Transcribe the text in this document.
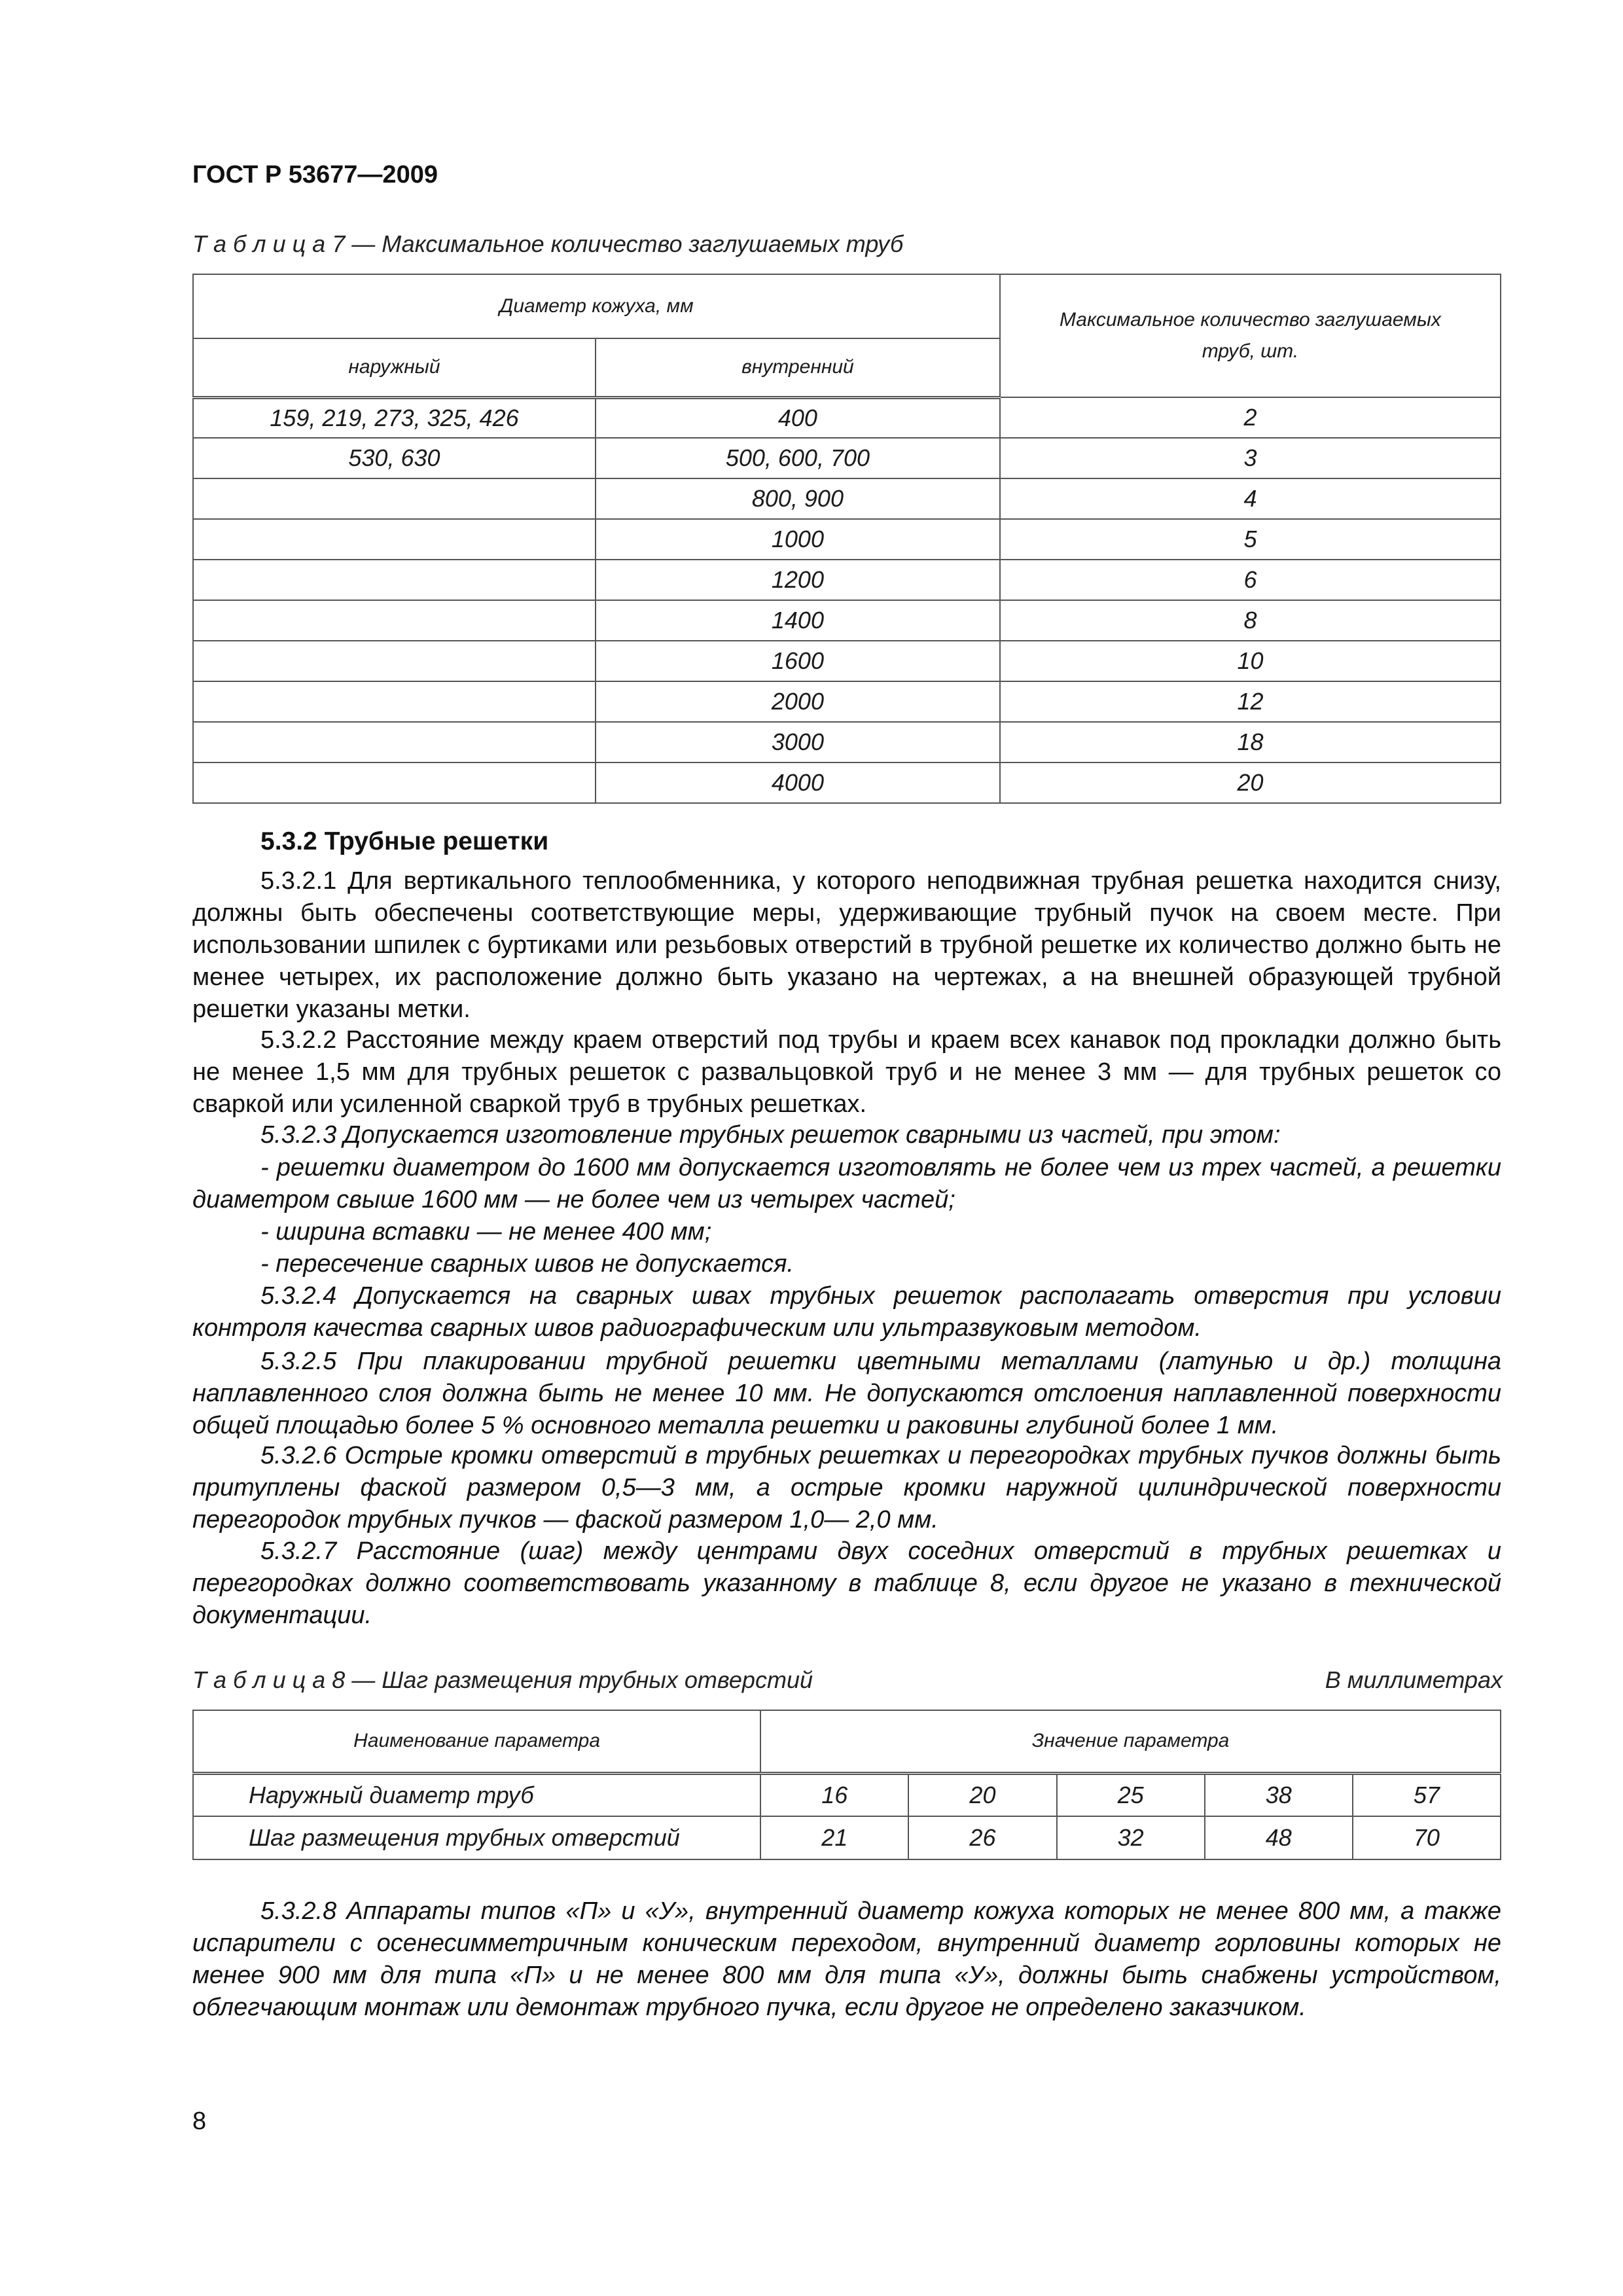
ГОСТ Р 53677—2009
Т а б л и ц а 7 — Максимальное количество заглушаемых труб
Диаметр кожуха, мм		Максимальное количество заглушаемых труб, шт.
наружный	внутренний	
159, 219, 273, 325, 426	400	2
530, 630	500, 600, 700	3
	800, 900	4
	1000	5
	1200	6
	1400	8
	1600	10
	2000	12
	3000	18
	4000	20
5.3.2 Трубные решетки
5.3.2.1 Для вертикального теплообменника, у которого неподвижная трубная решетка находится снизу, должны быть обеспечены соответствующие меры, удерживающие трубный пучок на своем месте. При использовании шпилек с буртиками или резьбовых отверстий в трубной решетке их количество должно быть не менее четырех, их расположение должно быть указано на чертежах, а на внешней образующей трубной решетки указаны метки.
5.3.2.2 Расстояние между краем отверстий под трубы и краем всех канавок под прокладки должно быть не менее 1,5 мм для трубных решеток с развальцовкой труб и не менее 3 мм — для трубных решеток со сваркой или усиленной сваркой труб в трубных решетках.
5.3.2.3 Допускается изготовление трубных решеток сварными из частей, при этом:
- решетки диаметром до 1600 мм допускается изготовлять не более чем из трех частей, а решетки диаметром свыше 1600 мм — не более чем из четырех частей;
- ширина вставки — не менее 400 мм;
- пересечение сварных швов не допускается.
5.3.2.4 Допускается на сварных швах трубных решеток располагать отверстия при условии контроля качества сварных швов радиографическим или ультразвуковым методом.
5.3.2.5 При плакировании трубной решетки цветными металлами (латунью и др.) толщина наплавленного слоя должна быть не менее 10 мм. Не допускаются отслоения наплавленной поверхности общей площадью более 5 % основного металла решетки и раковины глубиной более 1 мм.
5.3.2.6 Острые кромки отверстий в трубных решетках и перегородках трубных пучков должны быть притуплены фаской размером 0,5—3 мм, а острые кромки наружной цилиндрической поверхности перегородок трубных пучков — фаской размером 1,0— 2,0 мм.
5.3.2.7 Расстояние (шаг) между центрами двух соседних отверстий в трубных решетках и перегородках должно соответствовать указанному в таблице 8, если другое не указано в технической документации.
Т а б л и ц а 8 — Шаг размещения трубных отверстий	В миллиметрах
Наименование параметра	Значение параметра				
Наружный диаметр труб	16	20	25	38	57
Шаг размещения трубных отверстий	21	26	32	48	70
5.3.2.8 Аппараты типов «П» и «У», внутренний диаметр кожуха которых не менее 800 мм, а также испарители с осенесимметричным коническим переходом, внутренний диаметр горловины которых не менее 900 мм для типа «П» и не менее 800 мм для типа «У», должны быть снабжены устройством, облегчающим монтаж или демонтаж трубного пучка, если другое не определено заказчиком.
8
